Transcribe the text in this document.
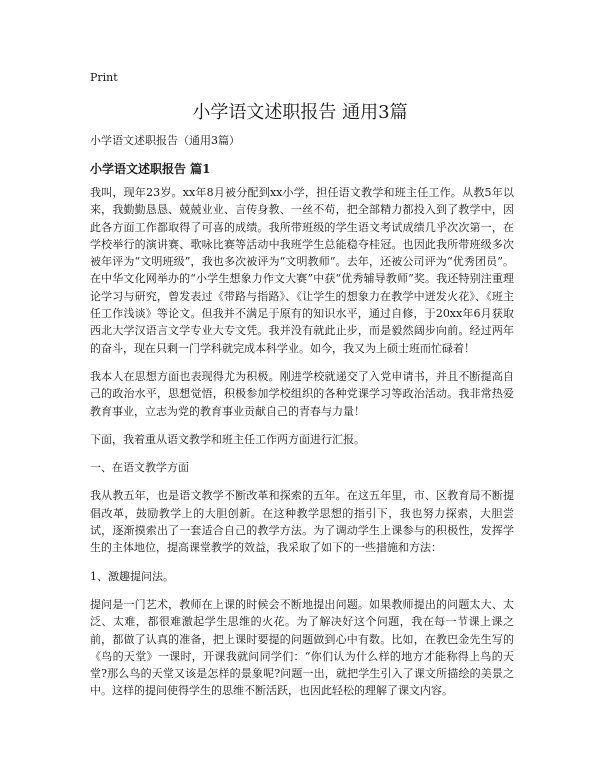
Print
小学语文述职报告 通用3篇
小学语文述职报告（通用3篇）
小学语文述职报告 篇1

我叫，现年23岁。xx年8月被分配到xx小学，担任语文教学和班主任工作。从教5年以来，我勤勤恳恳、兢兢业业、言传身教、一丝不苟，把全部精力都投入到了教学中，因此各方面工作都取得了可喜的成绩。我所带班级的学生语文考试成绩几乎次次第一，在学校举行的演讲赛、歌咏比赛等活动中我班学生总能稳夺桂冠。也因此我所带班级多次被年评为“文明班级”，我也多次被评为“文明教师”。去年，还被公司评为“优秀团员”。在中华文化网举办的“小学生想象力作文大赛”中获“优秀辅导教师”奖。我还特别注重理论学习与研究，曾发表过《带路与指路》、《让学生的想象力在教学中迸发火花》、《班主任工作浅谈》等论文。但我并不满足于原有的知识水平，通过自修，于20xx年6月获取西北大学汉语言文学专业大专文凭。我并没有就此止步，而是毅然阔步向前。经过两年的奋斗，现在只剩一门学科就完成本科学业。如今，我又为上硕士班而忙碌着！

我本人在思想方面也表现得尤为积极。刚进学校就递交了入党申请书，并且不断提高自己的政治水平，思想觉悟，积极参加学校组织的各种党课学习等政治活动。我非常热爱教育事业，立志为党的教育事业贡献自己的青春与力量！

下面，我着重从语文教学和班主任工作两方面进行汇报。

一、在语文教学方面

我从教五年，也是语文教学不断改革和探索的五年。在这五年里，市、区教育局不断提倡改革，鼓励教学上的大胆创新。在这种教学思想的指引下，我也努力探索，大胆尝试，逐渐摸索出了一套适合自己的教学方法。为了调动学生上课参与的积极性，发挥学生的主体地位，提高课堂教学的效益，我采取了如下的一些措施和方法：

1、激趣提问法。

提问是一门艺术，教师在上课的时候会不断地提出问题。如果教师提出的问题太大、太泛、太难，都很难激起学生思维的火花。为了解决好这个问题，我在每一节课上课之前，都做了认真的准备，把上课时要提的问题做到心中有数。比如，在教巴金先生写的《鸟的天堂》一课时，开课我就问同学们：“你们认为什么样的地方才能称得上鸟的天堂?那么鸟的天堂又该是怎样的景象呢?问题一出，就把学生引入了课文所描绘的美景之中。这样的提问使得学生的思维不断活跃，也因此轻松的理解了课文内容。
